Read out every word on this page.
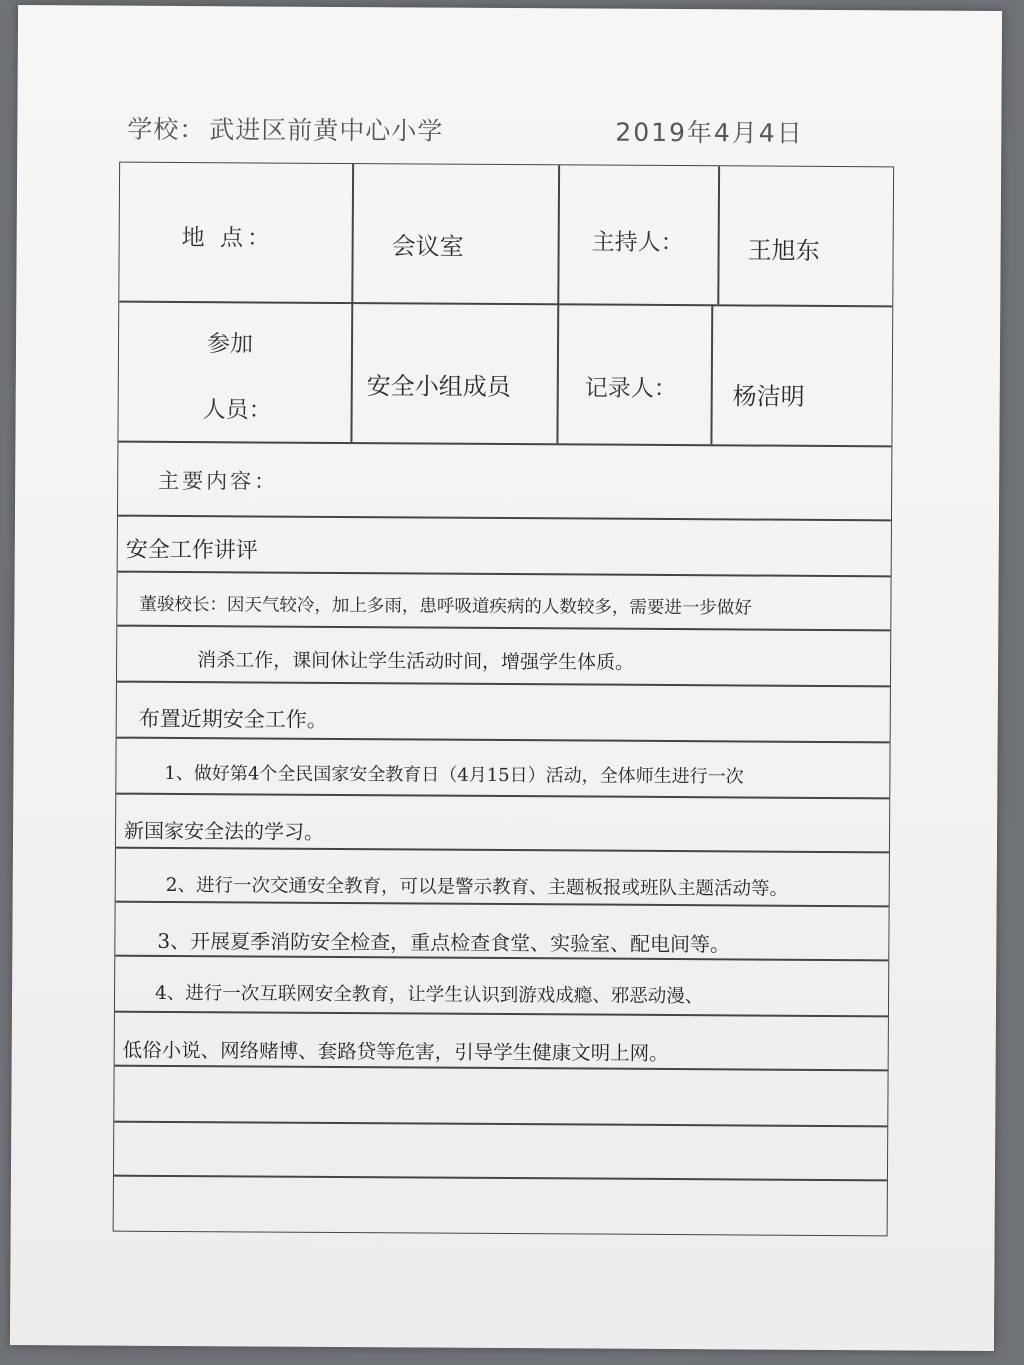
学校： 武进区前黄中心小学	2019年4月4日
地 点：	会议室	主持人：	王旭东
参加
人员：
安全小组成员	记录人： 杨洁明
主要内容：
安全工作讲评
董骏校长：因天气较冷，加上多雨，患呼吸道疾病的人数较多，需要进一步做好
消杀工作，课间休让学生活动时间，增强学生体质。
布置近期安全工作。
1、做好第4个全民国家安全教育日（4月15日）活动，全体师生进行一次
新国家安全法的学习。
2、进行一次交通安全教育，可以是警示教育、主题板报或班队主题活动等。
3、开展夏季消防安全检查，重点检查食堂、实验室、配电间等。
4、进行一次互联网安全教育，让学生认识到游戏成瘾、邪恶动漫、
低俗小说、网络赌博、套路贷等危害，引导学生健康文明上网。
